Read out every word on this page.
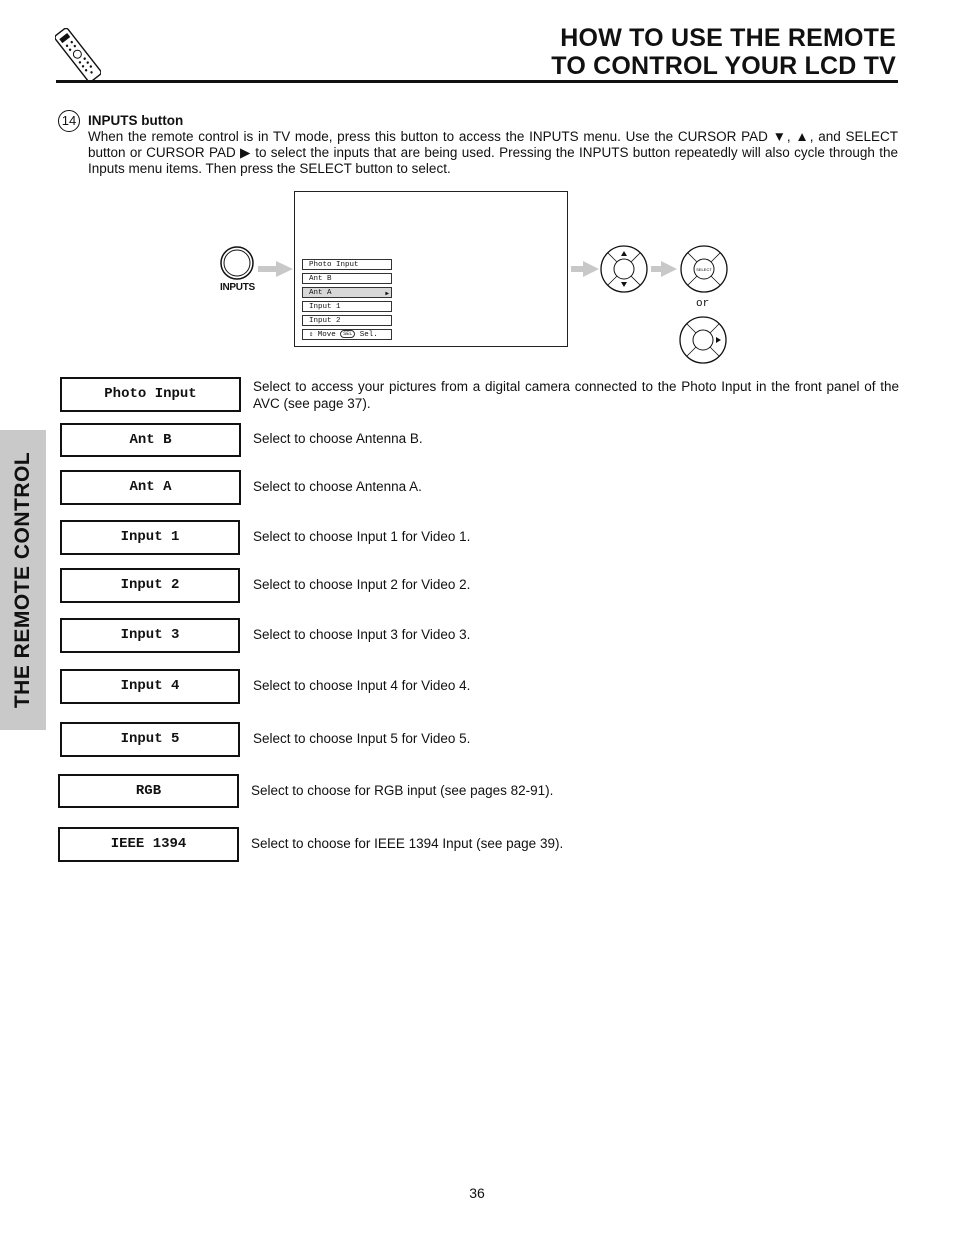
HOW TO USE THE REMOTE
TO CONTROL YOUR LCD TV
THE REMOTE CONTROL
14 INPUTS button
When the remote control is in TV mode, press this button to access the INPUTS menu. Use the CURSOR PAD ▼, ▲, and SELECT button or CURSOR PAD ▶ to select the inputs that are being used. Pressing the INPUTS button repeatedly will also cycle through the Inputs menu items. Then press the SELECT button to select.
SELECT
INPUTS
Photo Input
Ant B
Ant A	▶
Input 1
Input 2
⇕ Move SEL Sel.
or
Photo Input	Select to access your pictures from a digital camera connected to the Photo Input in the front panel of the AVC (see page 37).
Ant B	Select to choose Antenna B.
Ant A	Select to choose Antenna A.
Input 1	Select to choose Input 1 for Video 1.
Input 2	Select to choose Input 2 for Video 2.
Input 3	Select to choose Input 3 for Video 3.
Input 4	Select to choose Input 4 for Video 4.
Input 5	Select to choose Input 5 for Video 5.
RGB	Select to choose for RGB input (see pages 82-91).
IEEE 1394	Select to choose for IEEE 1394 Input (see page 39).
36
